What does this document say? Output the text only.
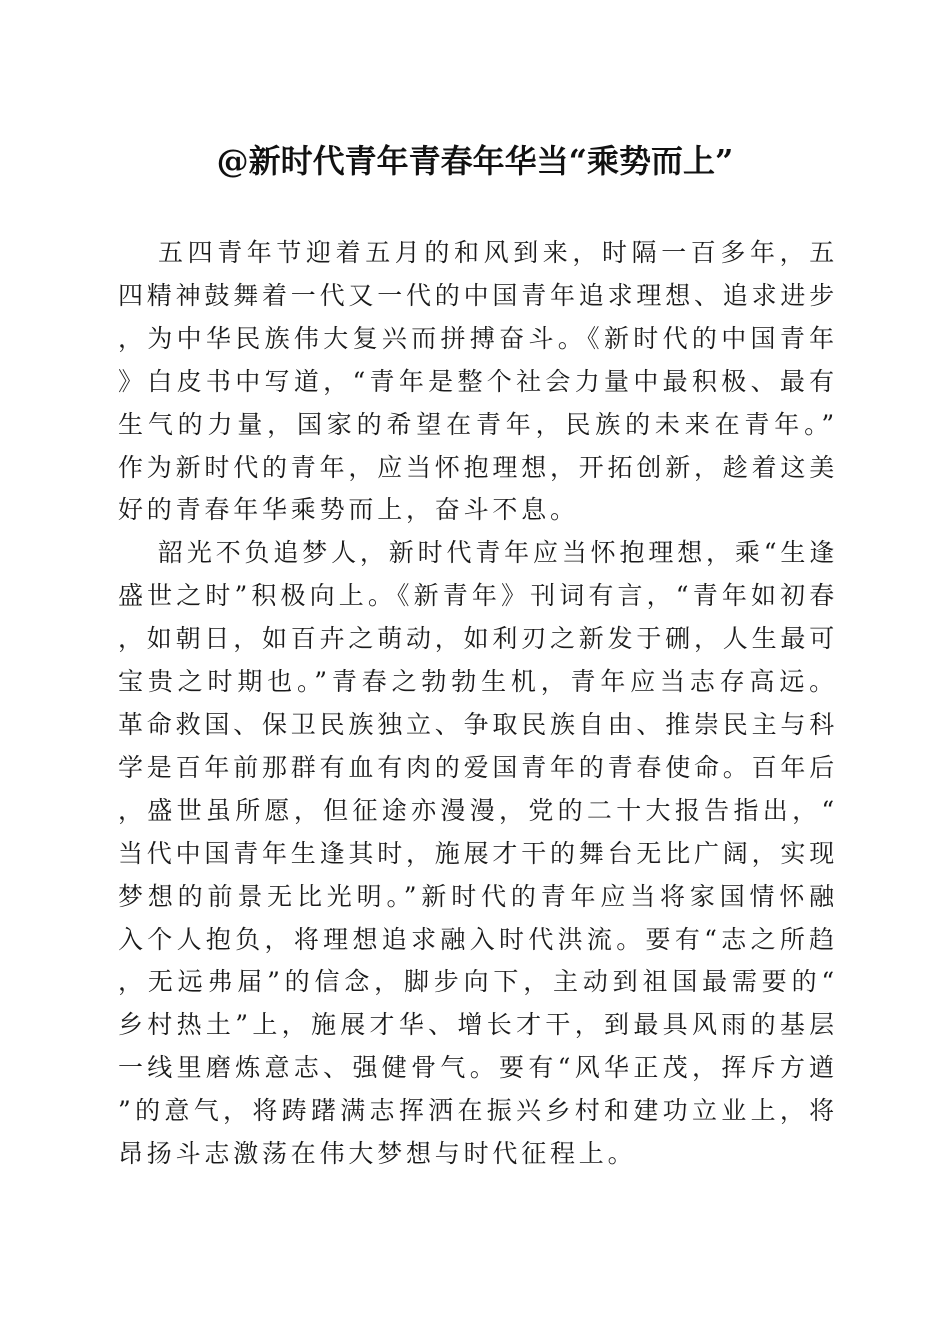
@新时代青年青春年华当“乘势而上”

五四青年节迎着五月的和风到来，时隔一百多年，五四精神鼓舞着一代又一代的中国青年追求理想、追求进步，为中华民族伟大复兴而拼搏奋斗。《新时代的中国青年》白皮书中写道，“青年是整个社会力量中最积极、最有生气的力量，国家的希望在青年，民族的未来在青年。”作为新时代的青年，应当怀抱理想，开拓创新，趁着这美好的青春年华乘势而上，奋斗不息。

韶光不负追梦人，新时代青年应当怀抱理想，乘“生逢盛世之时”积极向上。《新青年》刊词有言，“青年如初春，如朝日，如百卉之萌动，如利刃之新发于硎，人生最可宝贵之时期也。”青春之勃勃生机，青年应当志存高远。革命救国、保卫民族独立、争取民族自由、推崇民主与科学是百年前那群有血有肉的爱国青年的青春使命。百年后，盛世虽所愿，但征途亦漫漫，党的二十大报告指出，“当代中国青年生逢其时，施展才干的舞台无比广阔，实现梦想的前景无比光明。”新时代的青年应当将家国情怀融入个人抱负，将理想追求融入时代洪流。要有“志之所趋，无远弗届”的信念，脚步向下，主动到祖国最需要的“乡村热土”上，施展才华、增长才干，到最具风雨的基层一线里磨炼意志、强健骨气。要有“风华正茂，挥斥方遒”的意气，将踌躇满志挥洒在振兴乡村和建功立业上，将昂扬斗志激荡在伟大梦想与时代征程上。
